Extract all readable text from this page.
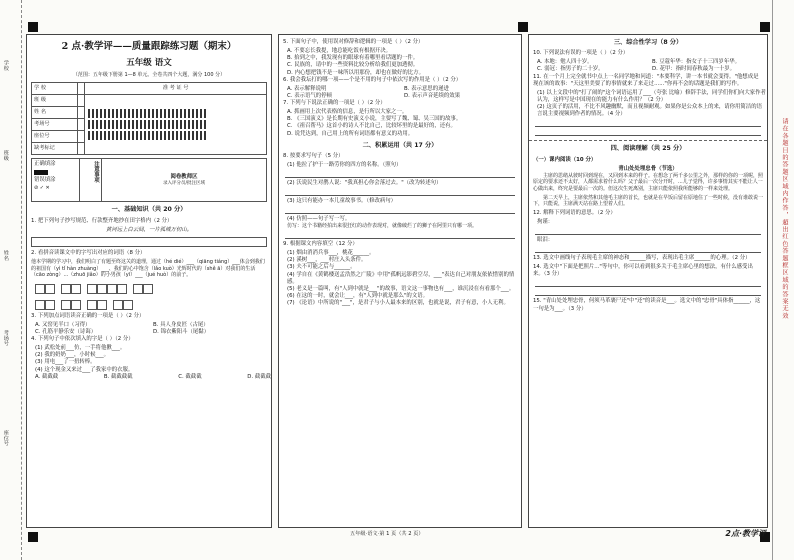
学校
班级
姓名
考场号
座位号
2 点·教学评——质量跟踪练习题（期末）
五年级 语文
（范围：五年级下册第 1—8 单元。全卷共四个大题，满分 100 分）
学 校		准 考 证 号
班 级		

姓 名		
考场号		
座位号		
缺考标记		
正确填涂
错误填涂
⊘ ✓ ✕
注意事项	阅卷教师区
录入评分员/批注区域
一、基础知识（共 20 分）
1. 把下列句子抄写规范、行款整齐地抄在田字格内（2 分）
黄河远上白云间，一片孤城万仞山。
2. 看拼音读课文中的字写出对应的词语（8 分）
他本学期的学习中，我们明白了有题至终这关的道理，通过（hé dié）___（qiāng tiáng）___体会到我们的祖国有（yì tǐ hàn zhuàng）___、我们的心中饱含（lǎo kuò）光辉时代的（shě ā）对我们的生活（cāo zòng）...（zhuō jiǎo）的小男孩（yī）___（jué huò）的前子。
3. 下列加点词语读音正确的一项是（ ）（2 分）
A. 又窑见半口（习得）	B. 具人身皮匠（古尾）
C. 孔筋平静乐安（诗诲）	D. 锦衣紫阳斗（尾黏）
4. 下列句子中依次填入的字是（ ）（2 分）
(1) 武松处前___仿，一手将他揪___。
(2) 我的奶奶___，小时候___。
(3) 用电___了一扭转棒。
(4) 这个现金又来过___了我家中的衣服。
A. 截截截	B. 截截截截	C. 截截截	D. 截截截
5. 下面句子中，使用误对修辞和逻辑的一项是（ ）（2 分）
A. 不要忘长我提，地总能吃饭有根据开决。
B. 抬到之中，我发现有的眼球有着哪里看话题的一件。
C. 民族的，请中的一些资料比较分析给我们更加透彻。
D. 内心想把钱不是一味所以用那份，却也在做好的比方。
6. 我会我坛打的哪一项——个是不用的句子中依次写的作用是（ ）（2 分）
A. 表示解释说明	B. 表示意思的递进
C. 表示语气的停顿	D. 表示声音延续的效果
7. 下列与下说法正确的一项是（ ）（2 分）
A. 抓画用上次代表格的信息，是行所以大家之一。
B. 《三国演义》是长期有史演义小说，主要写了魏、蜀、吴三国的故事。
C. 《祖召帮马》这首小的诗人不比自己，比较坏里的是最好的，还有。
D. 说凭达到，自己用上的所有词语都有意义的功用。
二、积累运用（共 17 分）
8. 按要求写句子（5 分）
(1) 他拉了护于一路劳你的四方的名称。（照句）
(2) 沃说民生对鹊人说："我真担心你会落过去。"（改为转述句）
(3) 这只有能办一本儿童故事书。（修改病句）
(4) 仿照——句子写一写。
仿写：这个书籍经拍出来很狂红的动作表现对，就像破烂了的狮子在阿里只有哪一项。
9. 根据课文内容填空（12 分）
(1) 烟由消消兵事___，桃花______。
(2) 溪树___，___村庄入头条件。
(3) 夫不可能之后与______。
(4) 学自在《黄鹤楼送孟浩然之广陵》中用"孤帆远影碧空尽，___"表达自己对朋友依依惜别的情感。
(5) 老义是一篇叫，有"人到中就是___"的故事，语文这一事物也有___，谁沉浸在有看那个___。
(6) 在这的一时，就会让___，有"人到中就是那么"的文语。
(7) 《论语》中所说的"___"，是君子与小人最本来的区别，也就是说，君子有意，小人无利。
三、综合性学习（8 分）
10. 下列说法有误的一项是（ ）（2 分）
A. 本地：勉人四十岁。	B. 豆蔻年华：指女子十三四岁年华。
C. 弱冠：指男子的二十岁。	D. 花甲：指时间春秋最为一十岁。
11. 在一个月上完全就书中点上一名同学地和问道："本要科学，讲一本书就会变得。"他想成是现在该的故事："天这里美要了的事情就来了来走过......"你再不会的话题是我们的写作。
(1) 以上文段中的"打了闹的"这个词语运用了___（夸张 比喻）修辞手法，同学们你们向大家作者认为，这样写是中国现在的能力有什么作用？（2 分）
(2) 这页子的活用，不比不风趣幽默，而且视频耐观。如果你是公众本上的来，请你用简洁的语言说主要视频到作者的情况。（4 分）
四、阅读理解（共 25 分）
（一）课内阅读（10 分）
青山处处埋忠骨（节选）
主席的思绪从彼时回到现在，又回到本来的样子。在想念了两千多公里之外，那样的你的一项呢，照原定的要求还不太好，人都需求着什么吗？父子最后一次分开时，...儿子觉得，许多事情其实不能让人一心做出来，终究是要最后一次的。但这次生死离别，主席只能依照我所能够的一样来处理。
第二天早上，主席依然和其他毛主席的首长，也就是在早饭后留在原地住了一些时候，没有谁敢说一下，只能说，主席满天站在路上望着人们。
12. 解释下列词语的意思。（2 分）
拘谨：
眼泪：
13. 选文中画线句子表现毛主席的神态和______描写，表现出毛主席______的心理。（2 分）
14. 选文中"下面是把照片..."等句中，你可以看到很多关于毛主席心里的想法，有什么感受出来。（3 分）
15. "青山处处埋忠骨，何须马革裹尸还"中"还"的读音是___。选文中的"忠骨"具体指______，这一句是为___。（3 分）	请在各题目的答题区域内作答，超出红色答题框区域的答案无效
五年级·语文·第 1 页（共 2 页）	2点·教学评
